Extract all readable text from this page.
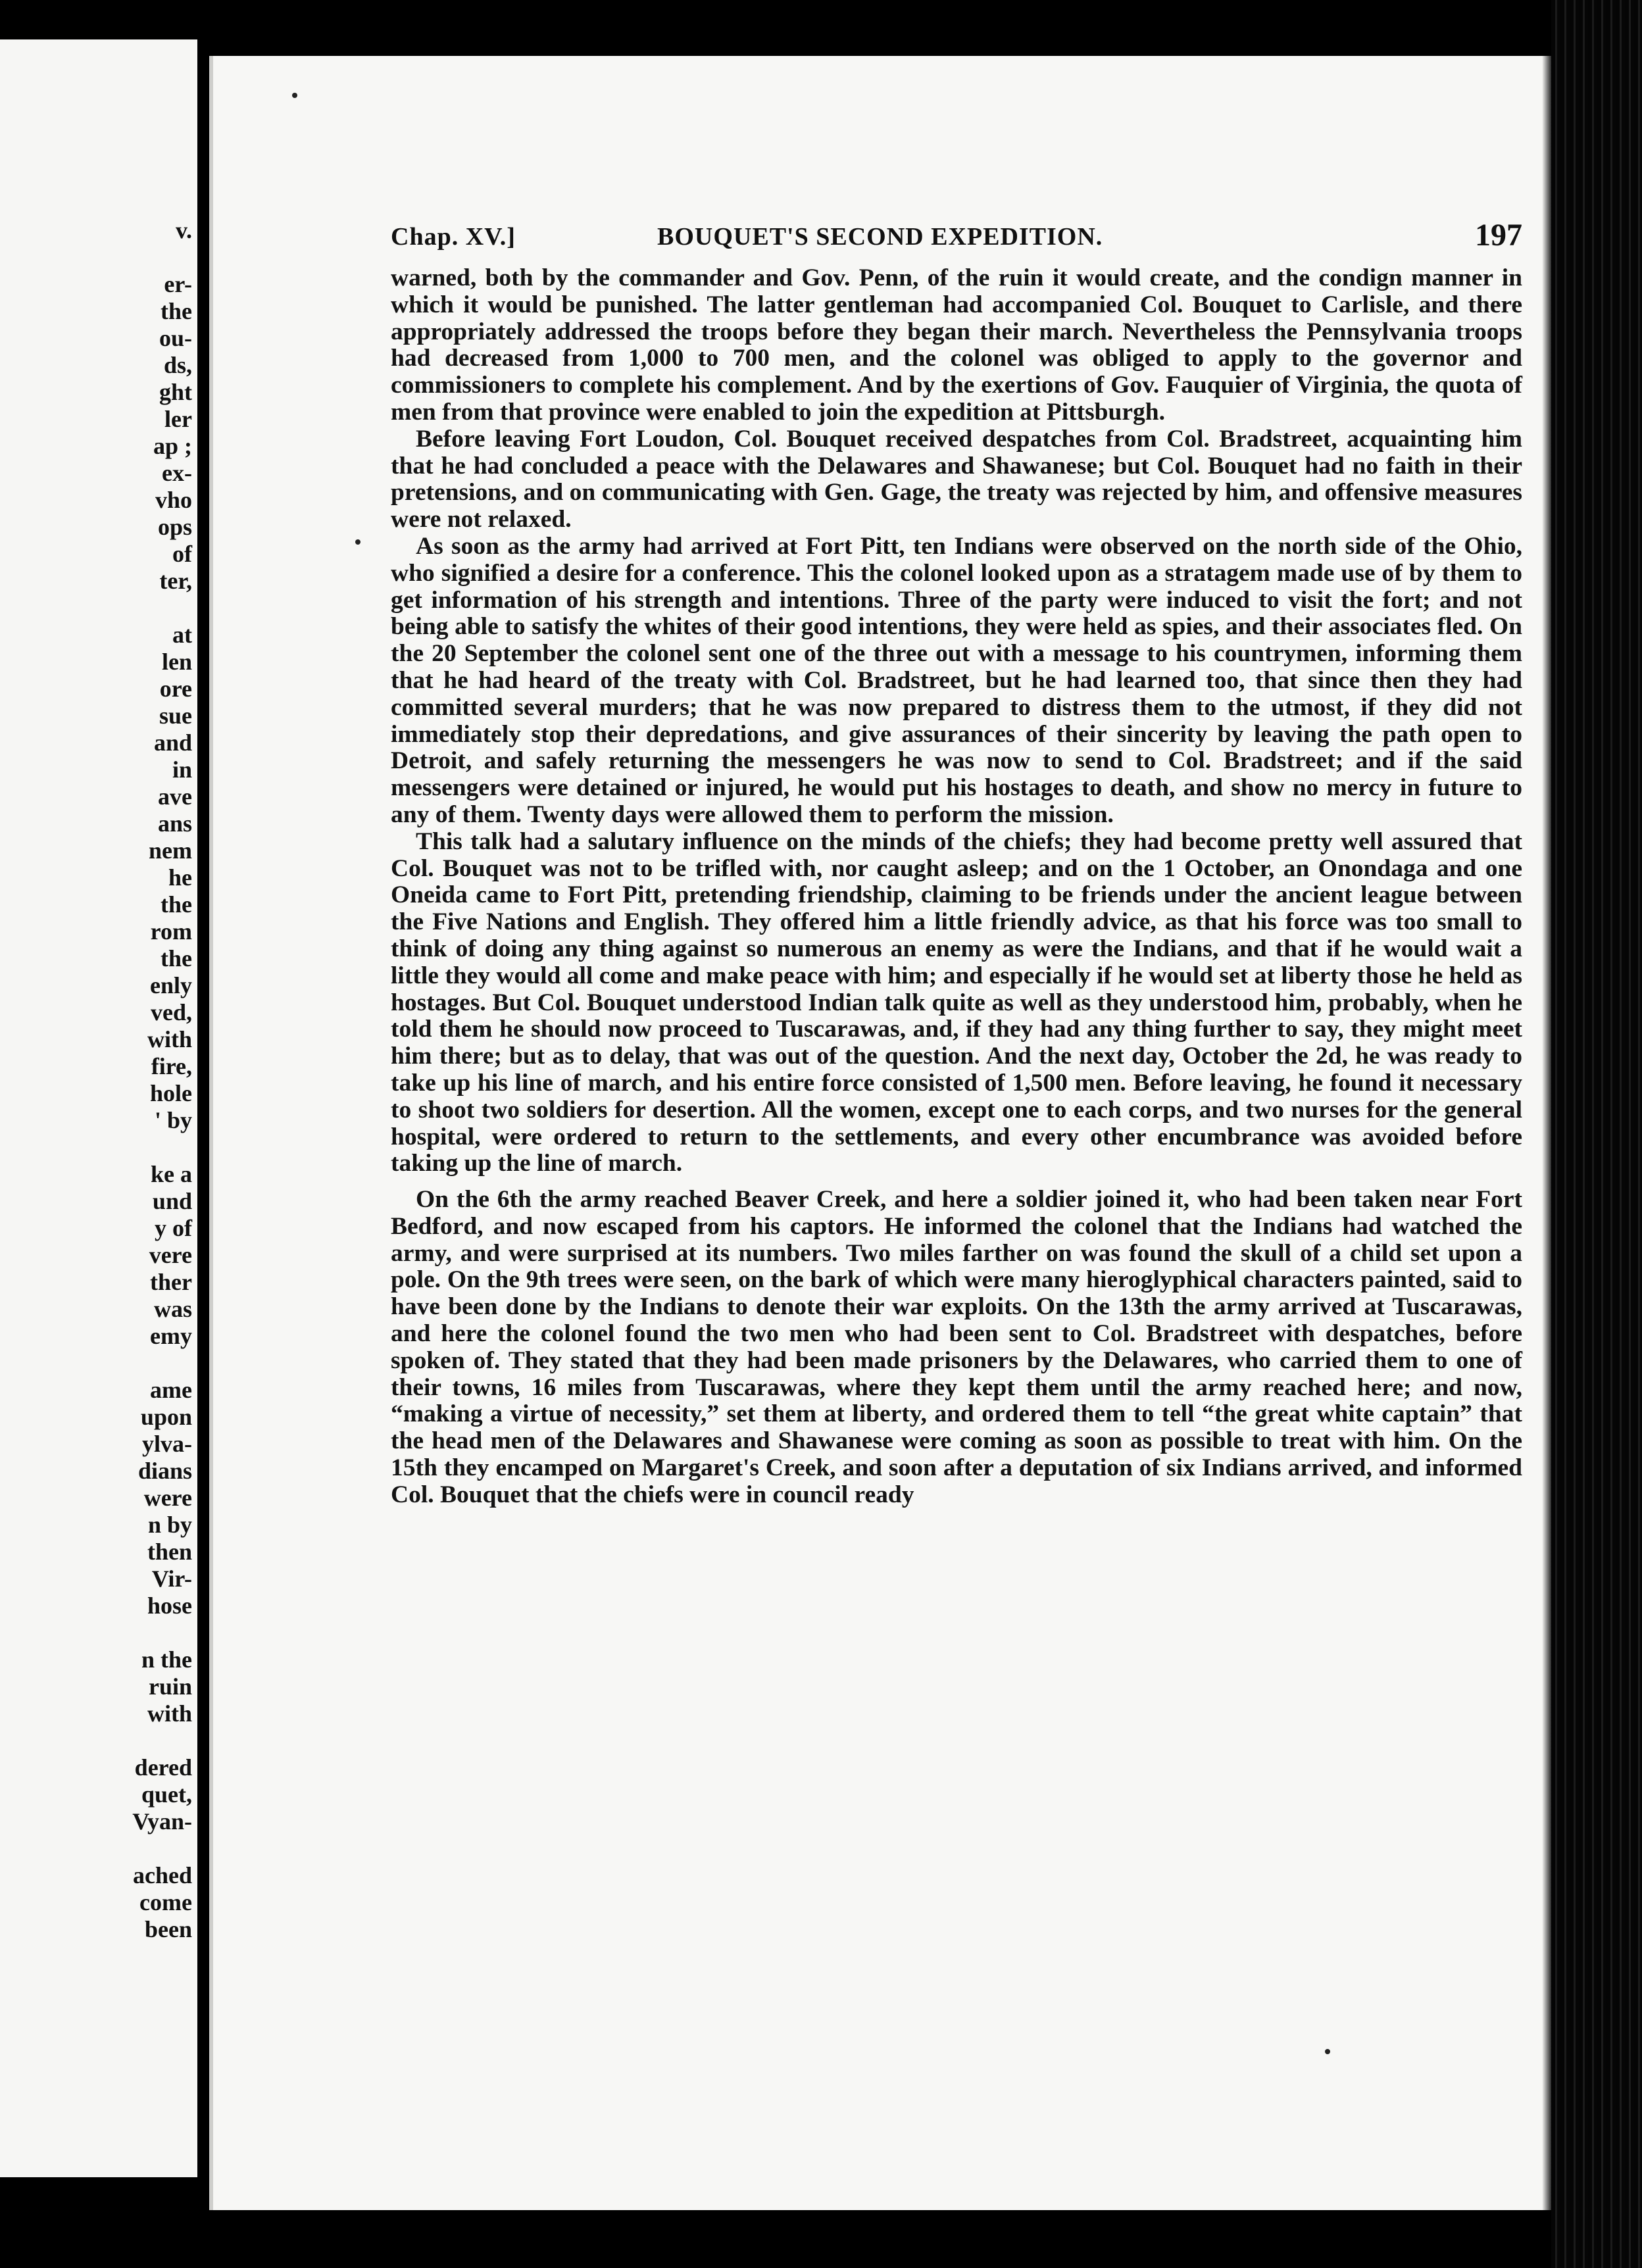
v.
er-
the
ou-
ds,
ght
ler
ap ;
ex-
vho
ops
of
ter,
at
len
ore
sue
and
in
ave
ans
nem
he
the
rom
the
enly
ved,
with
fire,
hole
' by
ke a
und
y of
vere
ther
was
emy
ame
upon
ylva-
dians
were
n by
then
Vir-
hose
n the
ruin
with
dered
quet,
Vyan-
ached
come
been
Chap. XV.]	BOUQUET'S SECOND EXPEDITION.	197

warned, both by the commander and Gov. Penn, of the ruin it would create, and the condign manner in which it would be punished. The latter gentleman had accompanied Col. Bouquet to Carlisle, and there appropriately addressed the troops before they began their march. Nevertheless the Pennsylvania troops had decreased from 1,000 to 700 men, and the colonel was obliged to apply to the governor and commissioners to complete his complement. And by the exertions of Gov. Fauquier of Virginia, the quota of men from that province were enabled to join the expedition at Pittsburgh.

Before leaving Fort Loudon, Col. Bouquet received despatches from Col. Bradstreet, acquainting him that he had concluded a peace with the Delawares and Shawanese; but Col. Bouquet had no faith in their pretensions, and on communicating with Gen. Gage, the treaty was rejected by him, and offensive measures were not relaxed.

As soon as the army had arrived at Fort Pitt, ten Indians were observed on the north side of the Ohio, who signified a desire for a conference. This the colonel looked upon as a stratagem made use of by them to get information of his strength and intentions. Three of the party were induced to visit the fort; and not being able to satisfy the whites of their good intentions, they were held as spies, and their associates fled. On the 20 September the colonel sent one of the three out with a message to his countrymen, informing them that he had heard of the treaty with Col. Bradstreet, but he had learned too, that since then they had committed several murders; that he was now prepared to distress them to the utmost, if they did not immediately stop their depredations, and give assurances of their sincerity by leaving the path open to Detroit, and safely returning the messengers he was now to send to Col. Bradstreet; and if the said messengers were detained or injured, he would put his hostages to death, and show no mercy in future to any of them. Twenty days were allowed them to perform the mission.

This talk had a salutary influence on the minds of the chiefs; they had become pretty well assured that Col. Bouquet was not to be trifled with, nor caught asleep; and on the 1 October, an Onondaga and one Oneida came to Fort Pitt, pretending friendship, claiming to be friends under the ancient league between the Five Nations and English. They offered him a little friendly advice, as that his force was too small to think of doing any thing against so numerous an enemy as were the Indians, and that if he would wait a little they would all come and make peace with him; and especially if he would set at liberty those he held as hostages. But Col. Bouquet understood Indian talk quite as well as they understood him, probably, when he told them he should now proceed to Tuscarawas, and, if they had any thing further to say, they might meet him there; but as to delay, that was out of the question. And the next day, October the 2d, he was ready to take up his line of march, and his entire force consisted of 1,500 men. Before leaving, he found it necessary to shoot two soldiers for desertion. All the women, except one to each corps, and two nurses for the general hospital, were ordered to return to the settlements, and every other encumbrance was avoided before taking up the line of march.

On the 6th the army reached Beaver Creek, and here a soldier joined it, who had been taken near Fort Bedford, and now escaped from his captors. He informed the colonel that the Indians had watched the army, and were surprised at its numbers. Two miles farther on was found the skull of a child set upon a pole. On the 9th trees were seen, on the bark of which were many hieroglyphical characters painted, said to have been done by the Indians to denote their war exploits. On the 13th the army arrived at Tuscarawas, and here the colonel found the two men who had been sent to Col. Bradstreet with despatches, before spoken of. They stated that they had been made prisoners by the Delawares, who carried them to one of their towns, 16 miles from Tuscarawas, where they kept them until the army reached here; and now, “making a virtue of necessity,” set them at liberty, and ordered them to tell “the great white captain” that the head men of the Delawares and Shawanese were coming as soon as possible to treat with him. On the 15th they encamped on Margaret's Creek, and soon after a deputation of six Indians arrived, and informed Col. Bouquet that the chiefs were in council ready
